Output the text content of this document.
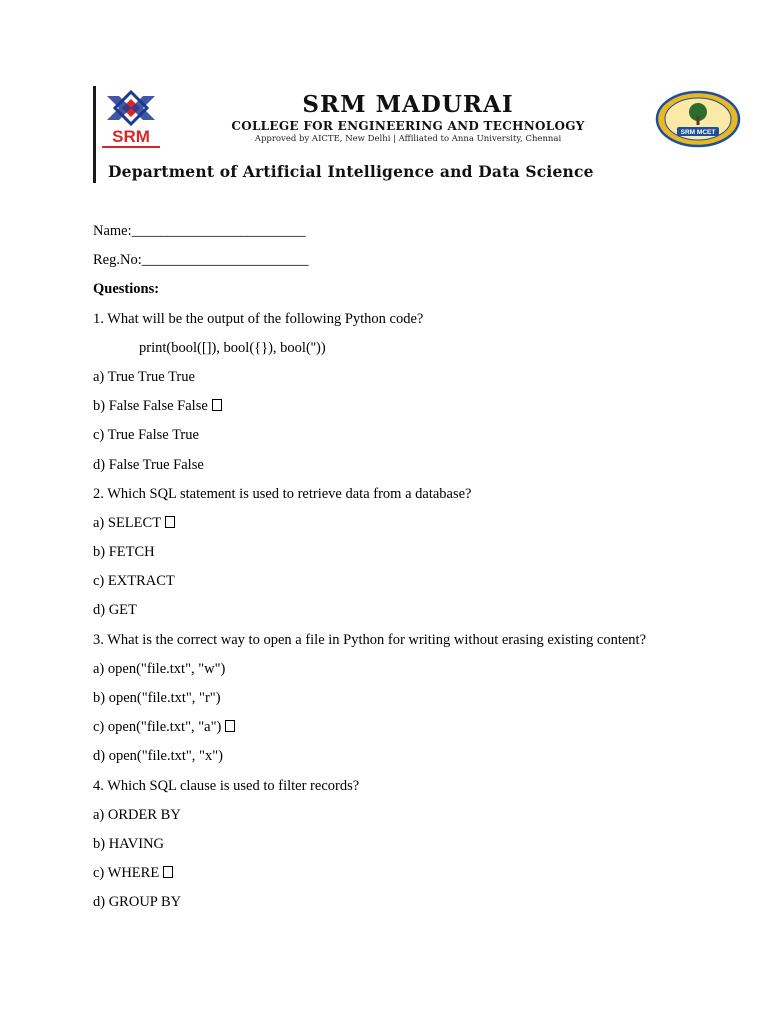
SRM
SRM MADURAI
COLLEGE FOR ENGINEERING AND TECHNOLOGY
Approved by AICTE, New Delhi | Affiliated to Anna University, Chennai
SRM MCET
Department of Artificial Intelligence and Data Science

Name:________________________

Reg.No:_______________________

Questions:

1. What will be the output of the following Python code?

print(bool([]), bool({}), bool(''))

a) True True True

b) False False False

c) True False True

d) False True False

2. Which SQL statement is used to retrieve data from a database?

a) SELECT

b) FETCH

c) EXTRACT

d) GET

3. What is the correct way to open a file in Python for writing without erasing existing content?

a) open("file.txt", "w")

b) open("file.txt", "r")

c) open("file.txt", "a")

d) open("file.txt", "x")

4. Which SQL clause is used to filter records?

a) ORDER BY

b) HAVING

c) WHERE

d) GROUP BY
